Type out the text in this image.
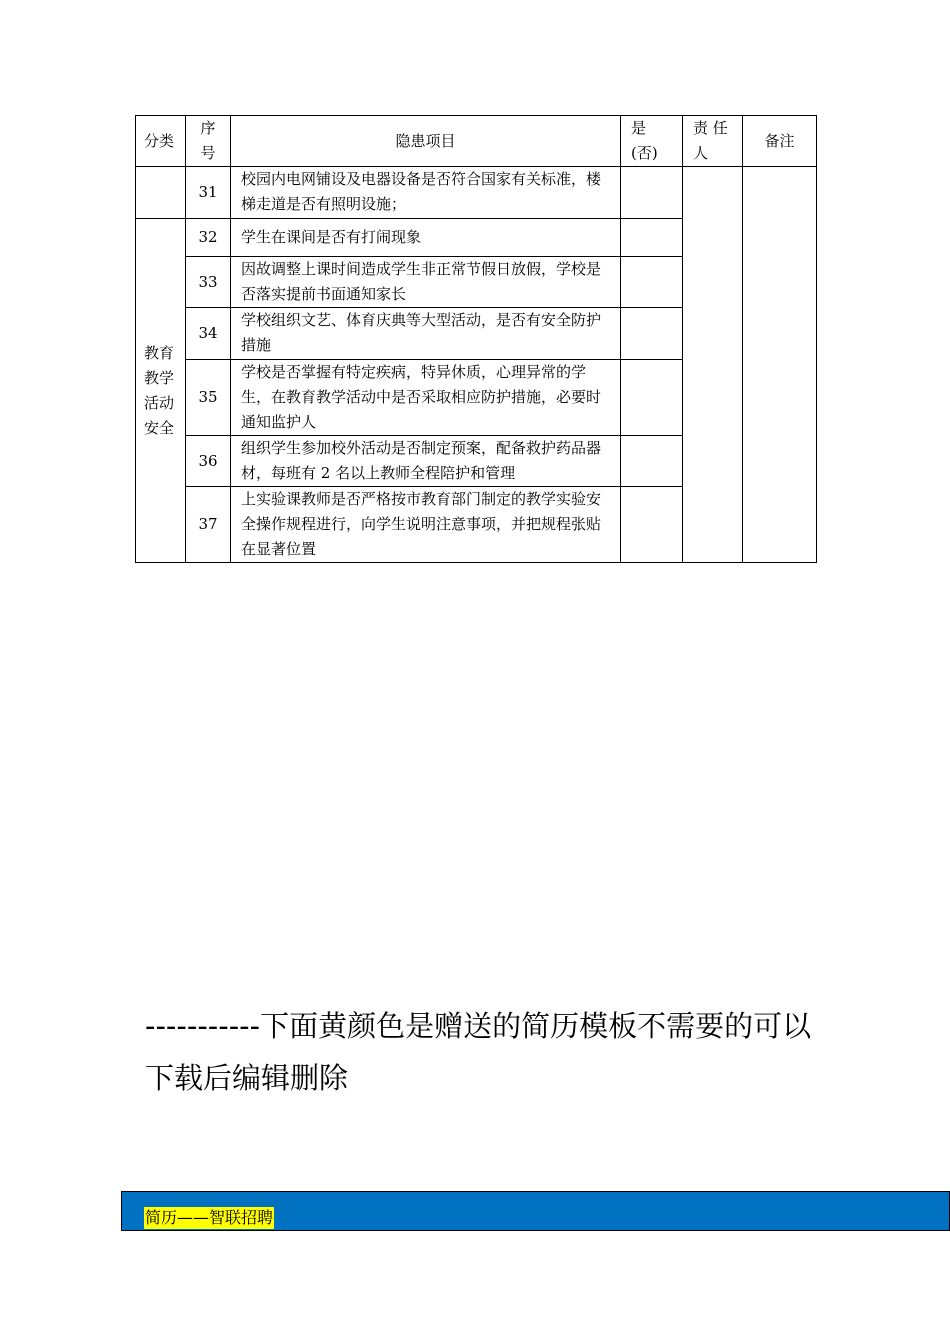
分类	序号	隐患项目	是(否)	责 任人	备注
	31	校园内电网铺设及电器设备是否符合国家有关标准，楼梯走道是否有照明设施；			
教育教学活动安全	32	学生在课间是否有打闹现象			
	33	因故调整上课时间造成学生非正常节假日放假，学校是否落实提前书面通知家长			
	34	学校组织文艺、体育庆典等大型活动，是否有安全防护措施			
	35	学校是否掌握有特定疾病，特异休质，心理异常的学生，在教育教学活动中是否采取相应防护措施，必要时通知监护人			
	36	组织学生参加校外活动是否制定预案，配备救护药品器材，每班有 2 名以上教师全程陪护和管理			
	37	上实验课教师是否严格按市教育部门制定的教学实验安全操作规程进行，向学生说明注意事项，并把规程张贴在显著位置			
-----------下面黄颜色是赠送的简历模板不需要的可以下载后编辑删除
简历——智联招聘
